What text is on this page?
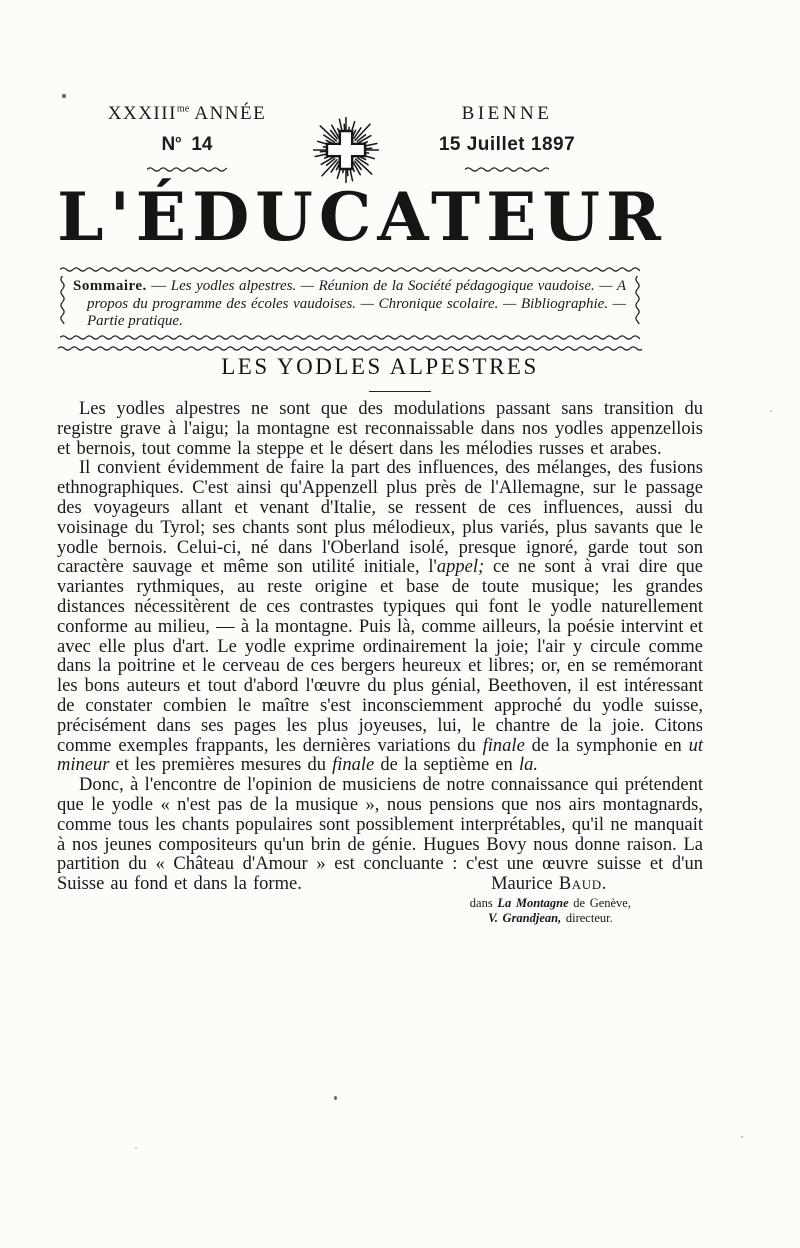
$XXXIII^{me}$ ANNÉE
$N^o$ 14
BIENNE
15 Juillet 1897
L'ÉDUCATEUR

Sommaire. — Les yodles alpestres. — Réunion de la Société pédagogique vaudoise. — A propos du programme des écoles vaudoises. — Chronique scolaire. — Bibliographie. — Partie pratique.

LES YODLES ALPESTRES

Les yodles alpestres ne sont que des modulations passant sans transition du registre grave à l'aigu; la montagne est reconnaissable dans nos yodles appenzellois et bernois, tout comme la steppe et le désert dans les mélodies russes et arabes.

Il convient évidemment de faire la part des influences, des mélanges, des fusions ethnographiques. C'est ainsi qu'Appenzell plus près de l'Allemagne, sur le passage des voyageurs allant et venant d'Italie, se ressent de ces influences, aussi du voisinage du Tyrol; ses chants sont plus mélodieux, plus variés, plus savants que le yodle bernois. Celui-ci, né dans l'Oberland isolé, presque ignoré, garde tout son caractère sauvage et même son utilité initiale, l'appel; ce ne sont à vrai dire que variantes rythmiques, au reste origine et base de toute musique; les grandes distances nécessitèrent de ces contrastes typiques qui font le yodle naturellement conforme au milieu, — à la montagne. Puis là, comme ailleurs, la poésie intervint et avec elle plus d'art. Le yodle exprime ordinairement la joie; l'air y circule comme dans la poitrine et le cerveau de ces bergers heureux et libres; or, en se remémorant les bons auteurs et tout d'abord l'œuvre du plus génial, Beethoven, il est intéressant de constater combien le maître s'est inconsciemment approché du yodle suisse, précisément dans ses pages les plus joyeuses, lui, le chantre de la joie. Citons comme exemples frappants, les dernières variations du finale de la symphonie en ut mineur et les premières mesures du finale de la septième en la.

Donc, à l'encontre de l'opinion de musiciens de notre connaissance qui prétendent que le yodle « n'est pas de la musique », nous pensions que nos airs montagnards, comme tous les chants populaires sont possiblement interprétables, qu'il ne manquait à nos jeunes compositeurs qu'un brin de génie. Hugues Bovy nous donne raison. La partition du « Château d'Amour » est concluante : c'est une œuvre suisse et d'un Suisse au fond et dans la forme.	Maurice Baud.
dans La Montagne de Genève,
V. Grandjean, directeur.
